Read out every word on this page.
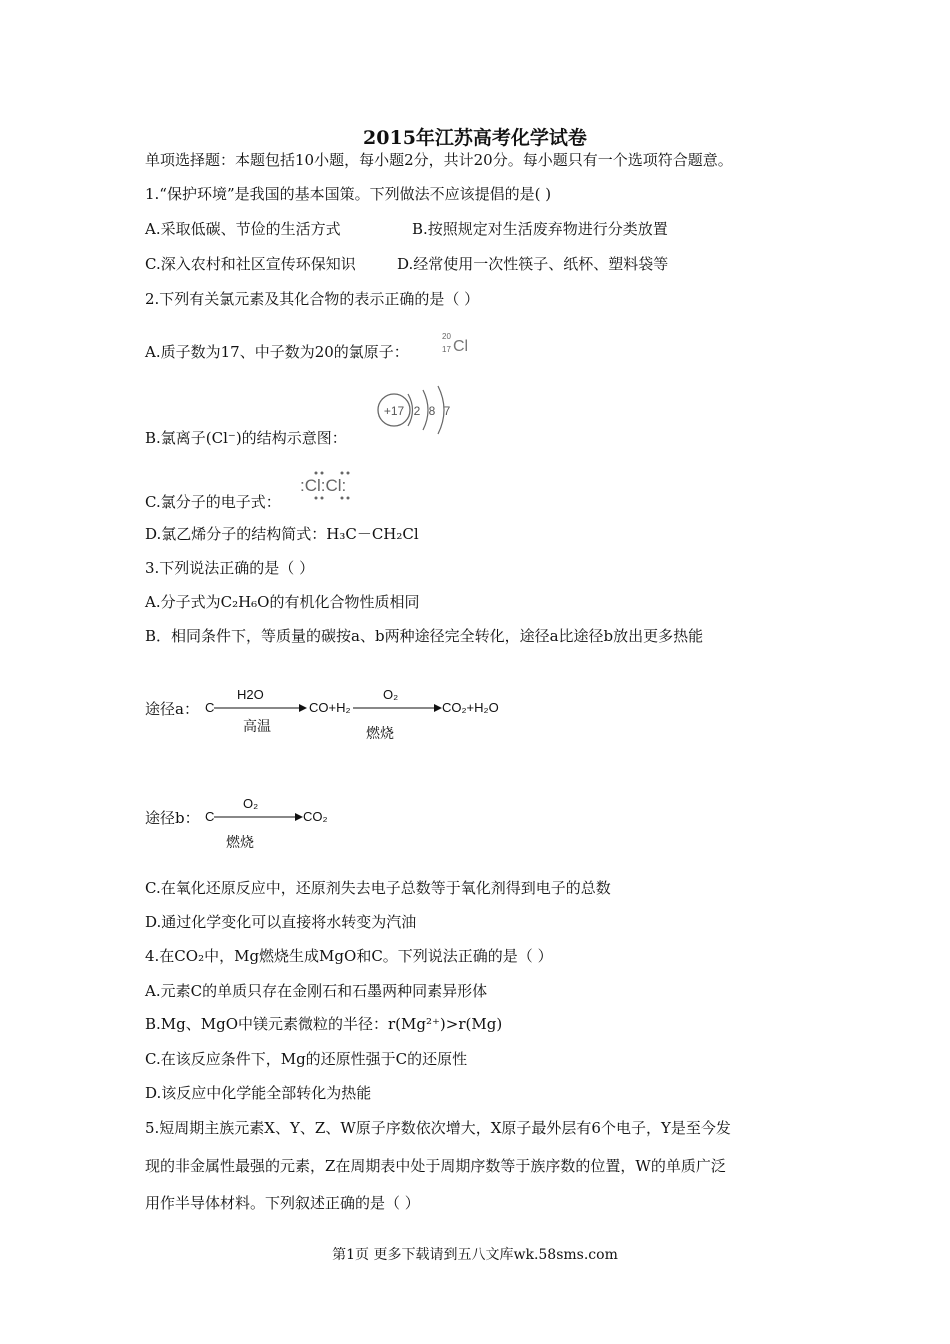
2015年江苏高考化学试卷
单项选择题：本题包括10小题，每小题2分，共计20分。每小题只有一个选项符合题意。
1.“保护环境”是我国的基本国策。下列做法不应该提倡的是( )
A.采取低碳、节俭的生活方式	B.按照规定对生活废弃物进行分类放置
C.深入农村和社区宣传环保知识	D.经常使用一次性筷子、纸杯、塑料袋等
2.下列有关氯元素及其化合物的表示正确的是（ ）
A.质子数为17、中子数为20的氯原子：
20
17 Cl
+17 2 8 7
B.氯离子(Cl⁻)的结构示意图：
:Cl:Cl:
C.氯分子的电子式：
D.氯乙烯分子的结构简式：H₃C－CH₂Cl
3.下列说法正确的是（ ）
A.分子式为C₂H₆O的有机化合物性质相同
B．相同条件下，等质量的碳按a、b两种途径完全转化，途径a比途径b放出更多热能
途径a： C
H2O
高温
CO+H₂
O₂
燃烧
CO₂+H₂O
途径b： C
O₂
燃烧
CO₂
C.在氧化还原反应中，还原剂失去电子总数等于氧化剂得到电子的总数
D.通过化学变化可以直接将水转变为汽油
4.在CO₂中，Mg燃烧生成MgO和C。下列说法正确的是（ ）
A.元素C的单质只存在金刚石和石墨两种同素异形体
B.Mg、MgO中镁元素微粒的半径：r(Mg²⁺)>r(Mg)
C.在该反应条件下，Mg的还原性强于C的还原性
D.该反应中化学能全部转化为热能
5.短周期主族元素X、Y、Z、W原子序数依次增大，X原子最外层有6个电子，Y是至今发
现的非金属性最强的元素，Z在周期表中处于周期序数等于族序数的位置，W的单质广泛
用作半导体材料。下列叙述正确的是（ ）
第1页 更多下载请到五八文库wk.58sms.com
